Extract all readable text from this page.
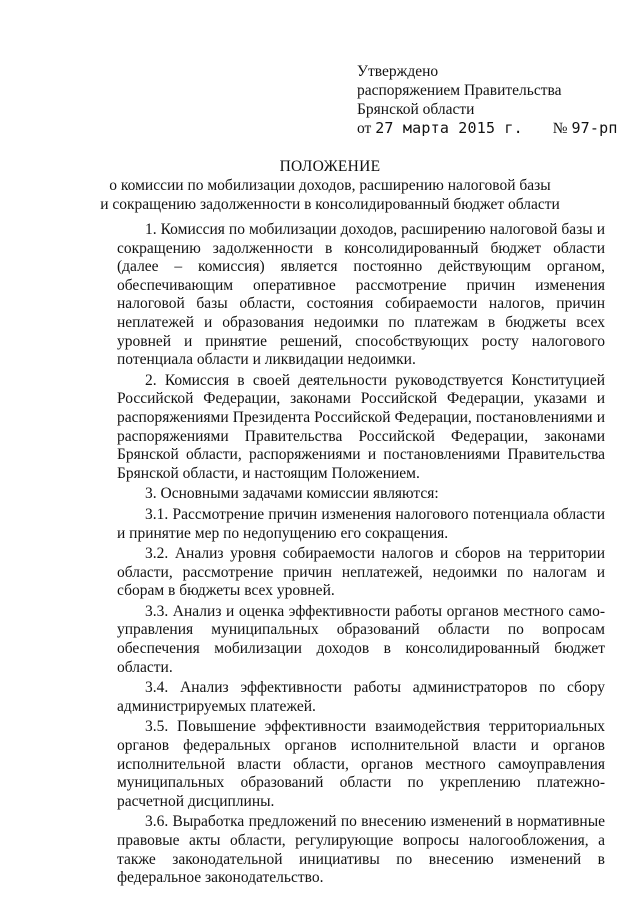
Утверждено
распоряжением Правительства
Брянской области
от 27 марта 2015 г. № 97-рп
ПОЛОЖЕНИЕ
о комиссии по мобилизации доходов, расширению налоговой базы
и сокращению задолженности в консолидированный бюджет области

1. Комиссия по мобилизации доходов, расширению налоговой базы и сокращению задолженности в консолидированный бюджет области (далее – комиссия) является постоянно действующим органом, обеспечивающим оперативное рассмотрение причин изменения налоговой базы области, состояния собираемости налогов, причин неплатежей и образования недоимки по платежам в бюджеты всех уровней и принятие решений, способствующих росту налогового потенциала области и ликвидации недоимки.

2. Комиссия в своей деятельности руководствуется Конституцией Российской Федерации, законами Российской Федерации, указами и распоряжениями Президента Российской Федерации, постановлениями и распоряжениями Правительства Российской Федерации, законами Брянской области, распоряжениями и постановлениями Правительства Брянской области, и настоящим Положением.

3. Основными задачами комиссии являются:

3.1. Рассмотрение причин изменения налогового потенциала области и принятие мер по недопущению его сокращения.

3.2. Анализ уровня собираемости налогов и сборов на территории области, рассмотрение причин неплатежей, недоимки по налогам и сборам в бюджеты всех уровней.

3.3. Анализ и оценка эффективности работы органов местного самоуправления муниципальных образований области по вопросам обеспечения мобилизации доходов в консолидированный бюджет области.

3.4. Анализ эффективности работы администраторов по сбору администрируемых платежей.

3.5. Повышение эффективности взаимодействия территориальных органов федеральных органов исполнительной власти и органов исполнительной власти области, органов местного самоуправления муниципальных образований области по укреплению платежно-расчетной дисциплины.

3.6. Выработка предложений по внесению изменений в нормативные правовые акты области, регулирующие вопросы налогообложения, а также законодательной инициативы по внесению изменений в федеральное законодательство.
